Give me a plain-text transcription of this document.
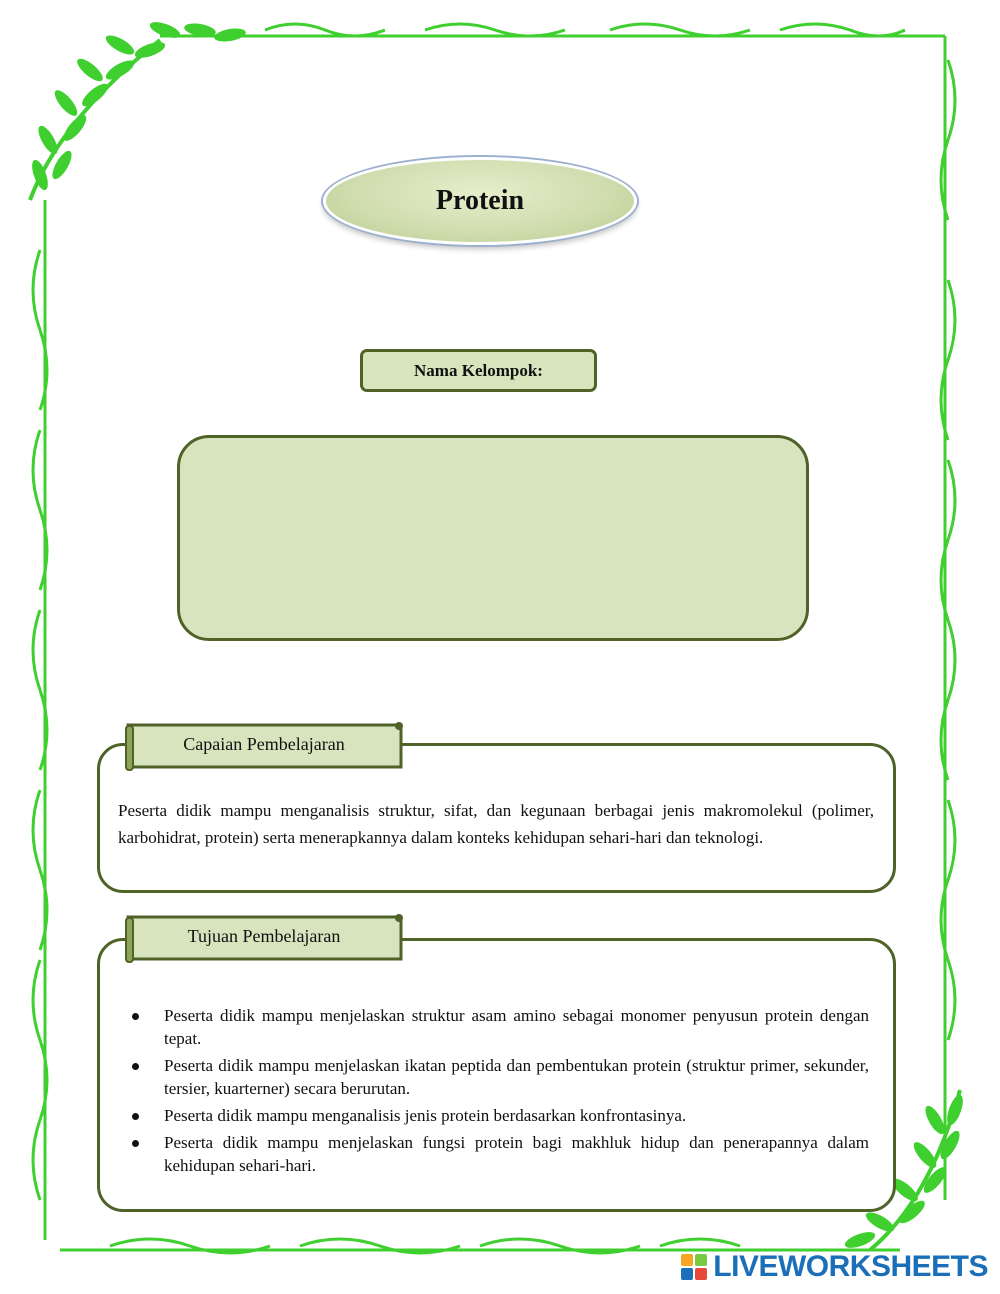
Protein
Nama Kelompok:
Capaian Pembelajaran
Peserta didik mampu menganalisis struktur, sifat, dan kegunaan berbagai jenis makromolekul (polimer, karbohidrat, protein) serta menerapkannya dalam konteks kehidupan sehari-hari dan teknologi.
Tujuan Pembelajaran
Peserta didik mampu menjelaskan struktur asam amino sebagai monomer penyusun protein dengan tepat.
Peserta didik mampu menjelaskan ikatan peptida dan pembentukan protein (struktur primer, sekunder, tersier, kuarterner) secara berurutan.
Peserta didik mampu menganalisis jenis protein berdasarkan konfrontasinya.
Peserta didik mampu menjelaskan fungsi protein bagi makhluk hidup dan penerapannya dalam kehidupan sehari-hari.
LIVEWORKSHEETS
